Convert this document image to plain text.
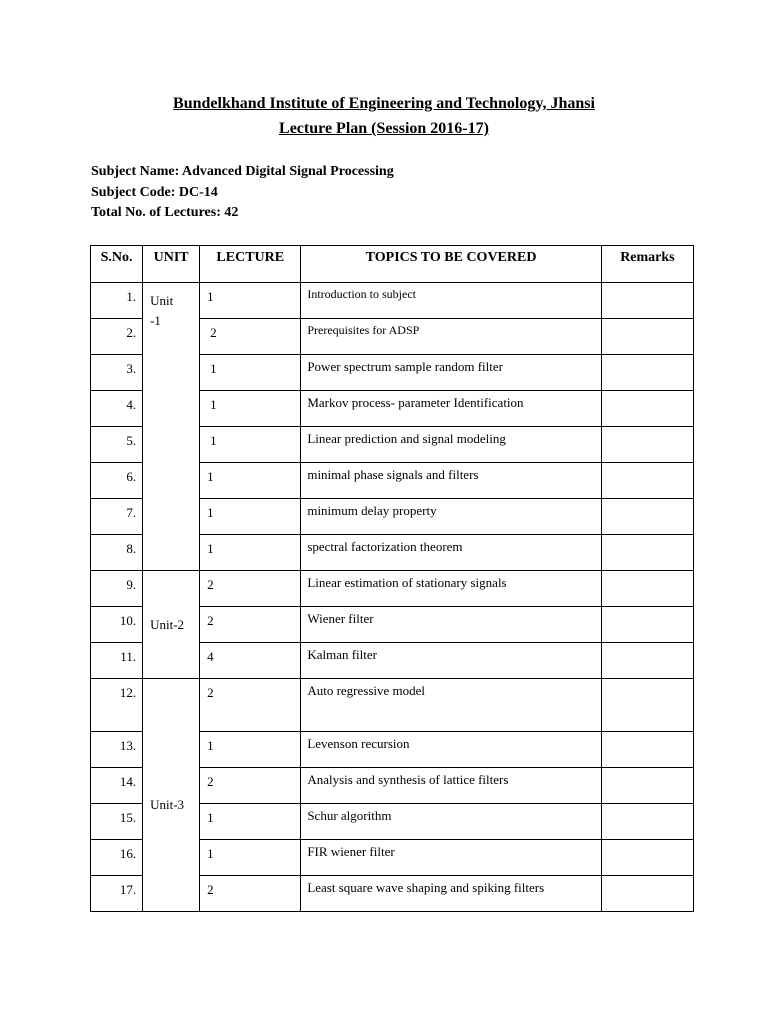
Bundelkhand Institute of Engineering and Technology, Jhansi
Lecture Plan (Session 2016-17)
Subject Name: Advanced Digital Signal Processing
Subject Code: DC-14
Total No. of Lectures: 42
S.No.	UNIT	LECTURE	TOPICS TO BE COVERED	Remarks

1.	Unit -1	1	Introduction to subject	

2.		2	Prerequisites for ADSP	

3.		1	Power spectrum sample random filter	

4.		1	Markov process- parameter Identification	

5.		1	Linear prediction and signal modeling	

6.		1	minimal phase signals and filters	

7.		1	minimum delay property	

8.		1	spectral factorization theorem	

9.	Unit-2	2	Linear estimation of stationary signals	

10.		2	Wiener filter	

11.		4	Kalman filter	

12.	Unit-3	2	Auto regressive model	

13.		1	Levenson recursion	

14.		2	Analysis and synthesis of lattice filters	

15.		1	Schur algorithm	

16.		1	FIR wiener filter	

17.		2	Least square wave shaping and spiking filters	
